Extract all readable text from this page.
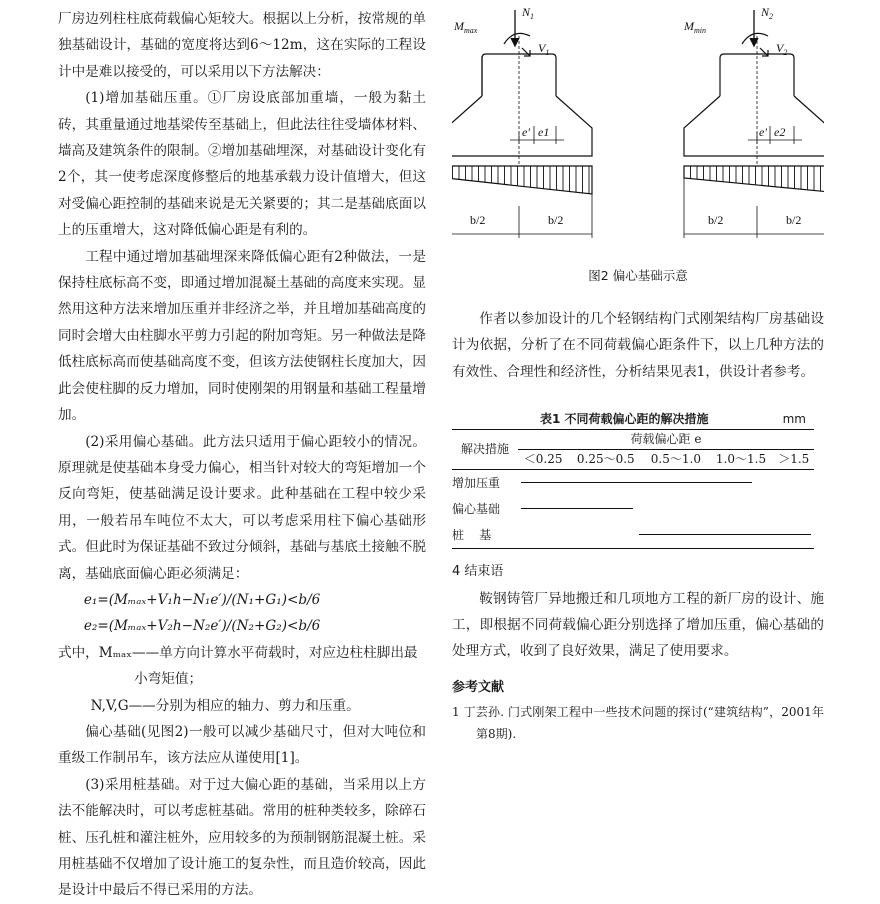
厂房边列柱柱底荷载偏心矩较大。根据以上分析，按常规的单独基础设计，基础的宽度将达到6～12m，这在实际的工程设计中是难以接受的，可以采用以下方法解决：

(1)增加基础压重。①厂房设底部加重墙，一般为黏土砖，其重量通过地基梁传至基础上，但此法往往受墙体材料、墙高及建筑条件的限制。②增加基础埋深，对基础设计变化有2个，其一使考虑深度修整后的地基承载力设计值增大，但这对受偏心距控制的基础来说是无关紧要的；其二是基础底面以上的压重增大，这对降低偏心距是有利的。

工程中通过增加基础埋深来降低偏心距有2种做法，一是保持柱底标高不变，即通过增加混凝土基础的高度来实现。显然用这种方法来增加压重并非经济之举，并且增加基础高度的同时会增大由柱脚水平剪力引起的附加弯矩。另一种做法是降低柱底标高而使基础高度不变，但该方法使钢柱长度加大，因此会使柱脚的反力增加，同时使刚架的用钢量和基础工程量增加。

(2)采用偏心基础。此方法只适用于偏心距较小的情况。原理就是使基础本身受力偏心，相当针对较大的弯矩增加一个反向弯矩，使基础满足设计要求。此种基础在工程中较少采用，一般若吊车吨位不太大，可以考虑采用柱下偏心基础形式。但此时为保证基础不致过分倾斜，基础与基底土接触不脱离，基础底面偏心距必须满足：

e₁=(Mₘₐₓ+V₁h−N₁e′)/(N₁+G₁)<b/6

e₂=(Mₘₐₓ+V₂h−N₂e′)/(N₂+G₂)<b/6

式中，Mₘₐₓ——单方向计算水平荷载时，对应边柱柱脚出最

小弯矩值；

N,V,G——分别为相应的轴力、剪力和压重。

偏心基础(见图2)一般可以减少基础尺寸，但对大吨位和重级工作制吊车，该方法应从谨使用[1]。

(3)采用桩基础。对于过大偏心距的基础，当采用以上方法不能解决时，可以考虑桩基础。常用的桩种类较多，除碎石桩、压孔桩和灌注桩外，应用较多的为预制钢筋混凝土桩。采用桩基础不仅增加了设计施工的复杂性，而且造价较高，因此是设计中最后不得已采用的方法。

$M_{max}$
$N_1$
$V_1$
e′ e1
b/2	b/2
$M_{min}$
$N_2$
$V_2$
e′ e2
b/2	b/2
图2 偏心基础示意

作者以参加设计的几个轻钢结构门式刚架结构厂房基础设计为依据，分析了在不同荷载偏心距条件下，以上几种方法的有效性、合理性和经济性，分析结果见表1，供设计者参考。

表1 不同荷载偏心距的解决措施	mm
解决措施	荷载偏心距 e				
	＜0.25	0.25～0.5	0.5～1.0	1.0～1.5	＞1.5
增加压重					

偏心基础					

桩    基					

4 结束语

鞍钢铸管厂异地搬迁和几项地方工程的新厂房的设计、施工，即根据不同荷载偏心距分别选择了增加压重，偏心基础的处理方式，收到了良好效果，满足了使用要求。

参考文献

1 丁芸孙. 门式刚架工程中一些技术问题的探讨(“建筑结构”，2001年第8期).
